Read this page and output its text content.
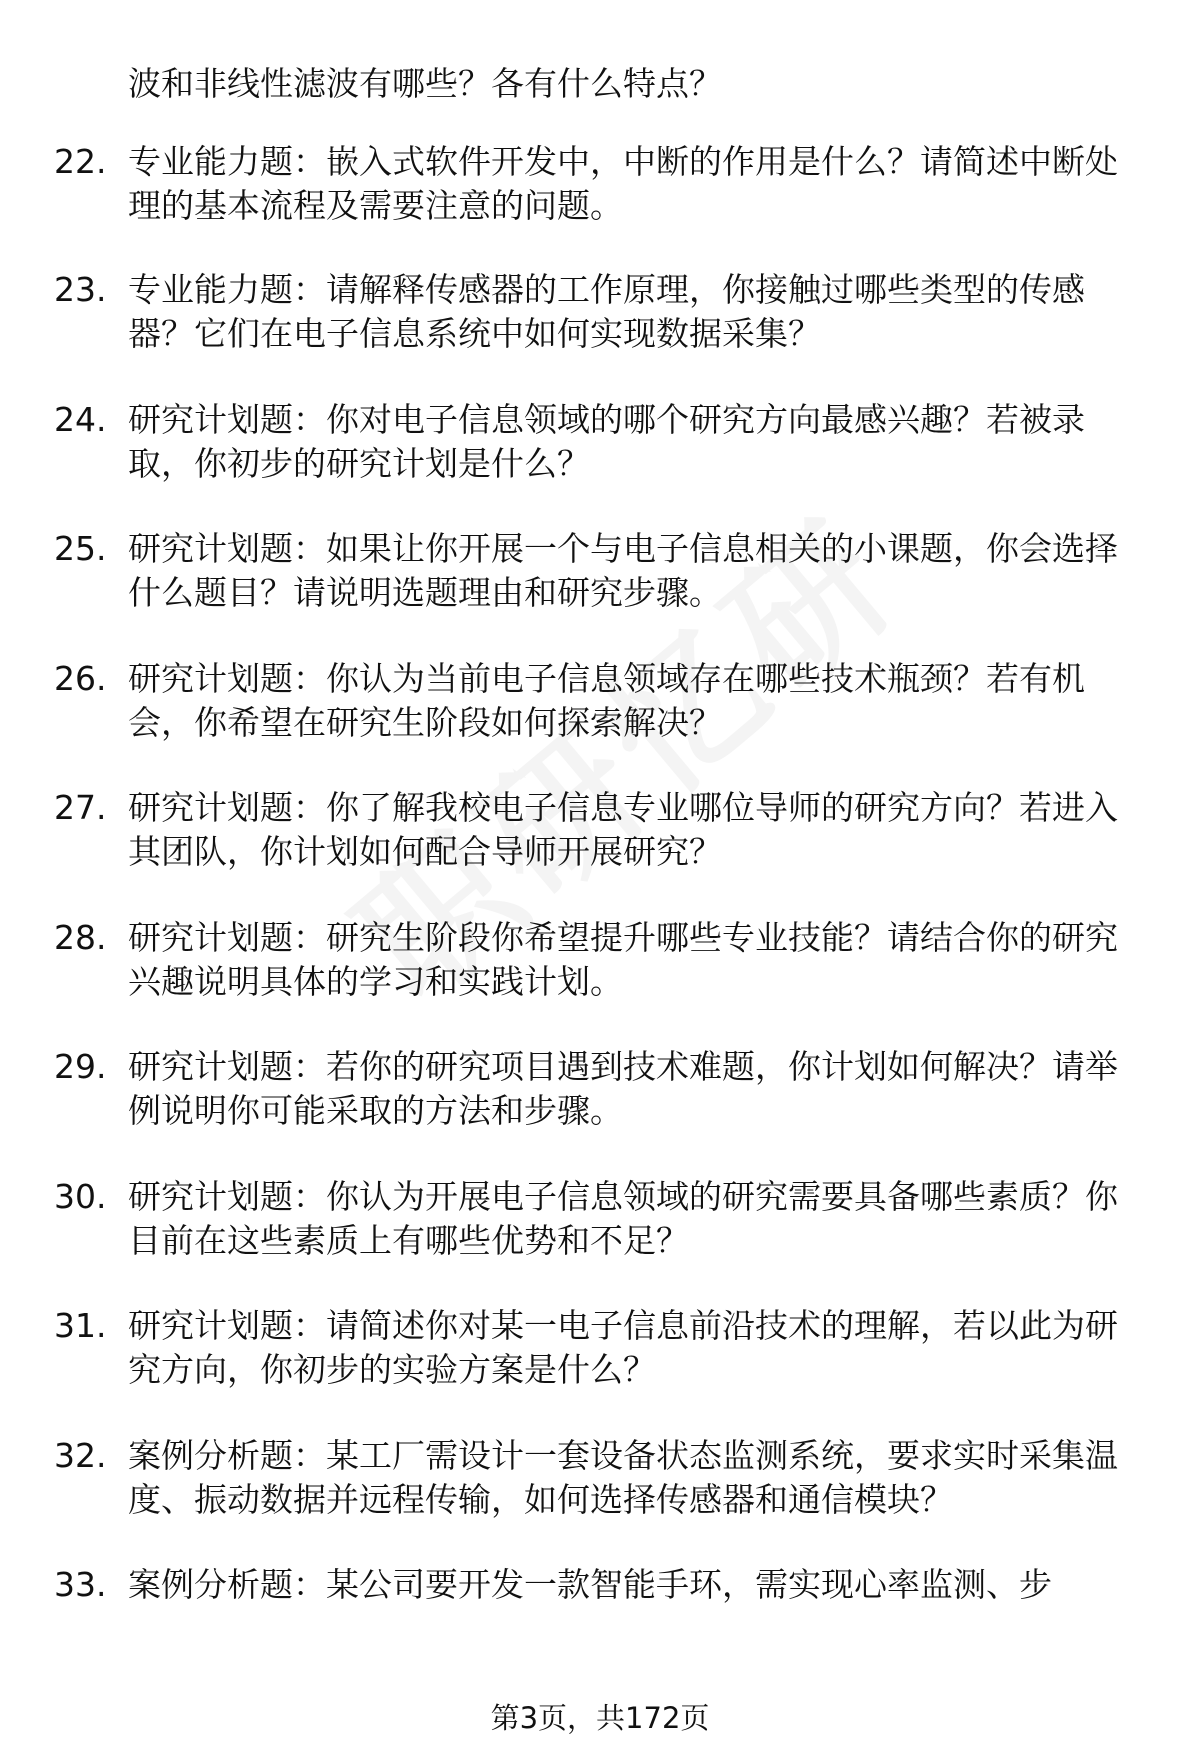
波和非线性滤波有哪些？各有什么特点？
22. 专业能力题：嵌入式软件开发中，中断的作用是什么？请简述中断处理的基本流程及需要注意的问题。
23. 专业能力题：请解释传感器的工作原理，你接触过哪些类型的传感器？它们在电子信息系统中如何实现数据采集？
24. 研究计划题：你对电子信息领域的哪个研究方向最感兴趣？若被录取，你初步的研究计划是什么？
25. 研究计划题：如果让你开展一个与电子信息相关的小课题，你会选择什么题目？请说明选题理由和研究步骤。
26. 研究计划题：你认为当前电子信息领域存在哪些技术瓶颈？若有机会，你希望在研究生阶段如何探索解决？
27. 研究计划题：你了解我校电子信息专业哪位导师的研究方向？若进入其团队，你计划如何配合导师开展研究？
28. 研究计划题：研究生阶段你希望提升哪些专业技能？请结合你的研究兴趣说明具体的学习和实践计划。
29. 研究计划题：若你的研究项目遇到技术难题，你计划如何解决？请举例说明你可能采取的方法和步骤。
30. 研究计划题：你认为开展电子信息领域的研究需要具备哪些素质？你目前在这些素质上有哪些优势和不足？
31. 研究计划题：请简述你对某一电子信息前沿技术的理解，若以此为研究方向，你初步的实验方案是什么？
32. 案例分析题：某工厂需设计一套设备状态监测系统，要求实时采集温度、振动数据并远程传输，如何选择传感器和通信模块？
33. 案例分析题：某公司要开发一款智能手环，需实现心率监测、步
第3页，共172页
